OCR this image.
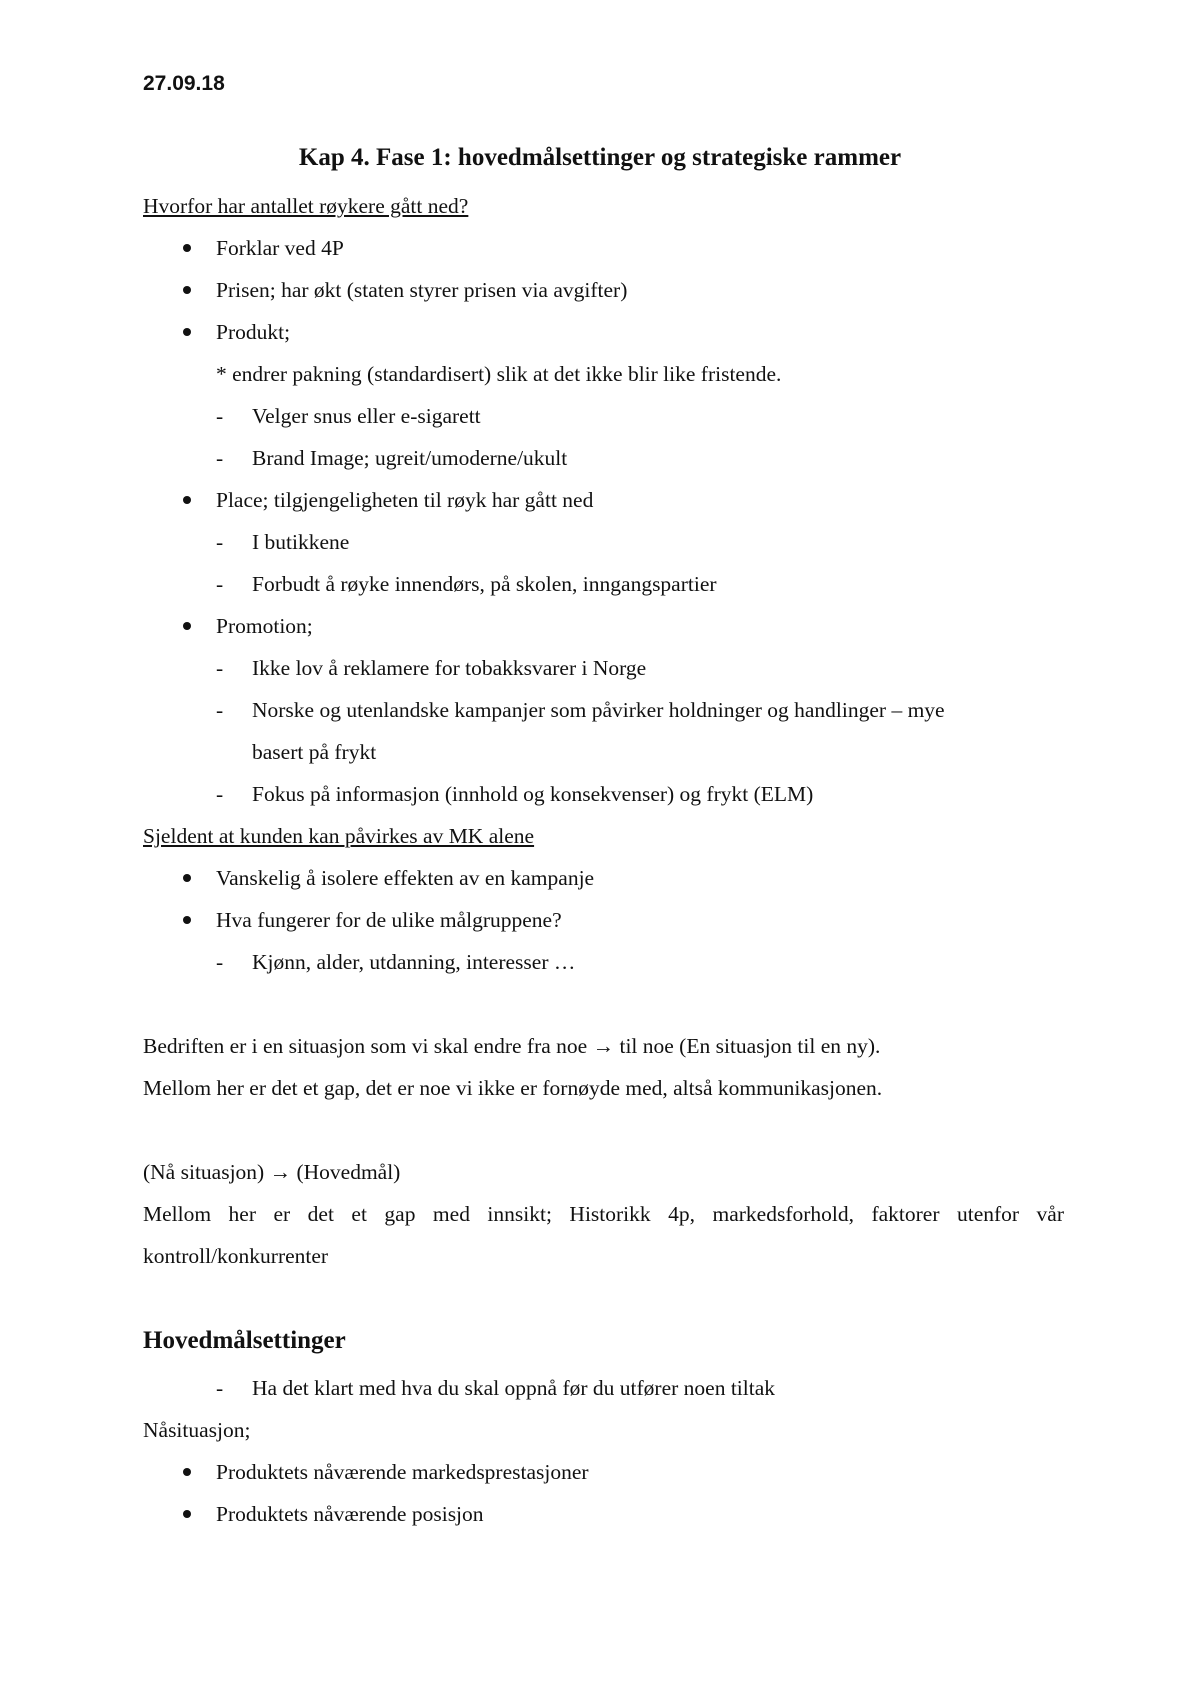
27.09.18
Kap 4. Fase 1: hovedmålsettinger og strategiske rammer
Hvorfor har antallet røykere gått ned?
Forklar ved 4P
Prisen; har økt (staten styrer prisen via avgifter)
Produkt;
* endrer pakning (standardisert) slik at det ikke blir like fristende.
- Velger snus eller e-sigarett
- Brand Image; ugreit/umoderne/ukult
Place; tilgjengeligheten til røyk har gått ned
- I butikkene
- Forbudt å røyke innendørs, på skolen, inngangspartier
Promotion;
- Ikke lov å reklamere for tobakksvarer i Norge
- Norske og utenlandske kampanjer som påvirker holdninger og handlinger – mye
basert på frykt
- Fokus på informasjon (innhold og konsekvenser) og frykt (ELM)
Sjeldent at kunden kan påvirkes av MK alene
Vanskelig å isolere effekten av en kampanje
Hva fungerer for de ulike målgruppene?
- Kjønn, alder, utdanning, interesser …
Bedriften er i en situasjon som vi skal endre fra noe → til noe (En situasjon til en ny).
Mellom her er det et gap, det er noe vi ikke er fornøyde med, altså kommunikasjonen.
(Nå situasjon) → (Hovedmål)
Mellom her er det et gap med innsikt; Historikk 4p, markedsforhold, faktorer utenfor vår
kontroll/konkurrenter
Hovedmålsettinger
- Ha det klart med hva du skal oppnå før du utfører noen tiltak
Nåsituasjon;
Produktets nåværende markedsprestasjoner
Produktets nåværende posisjon
